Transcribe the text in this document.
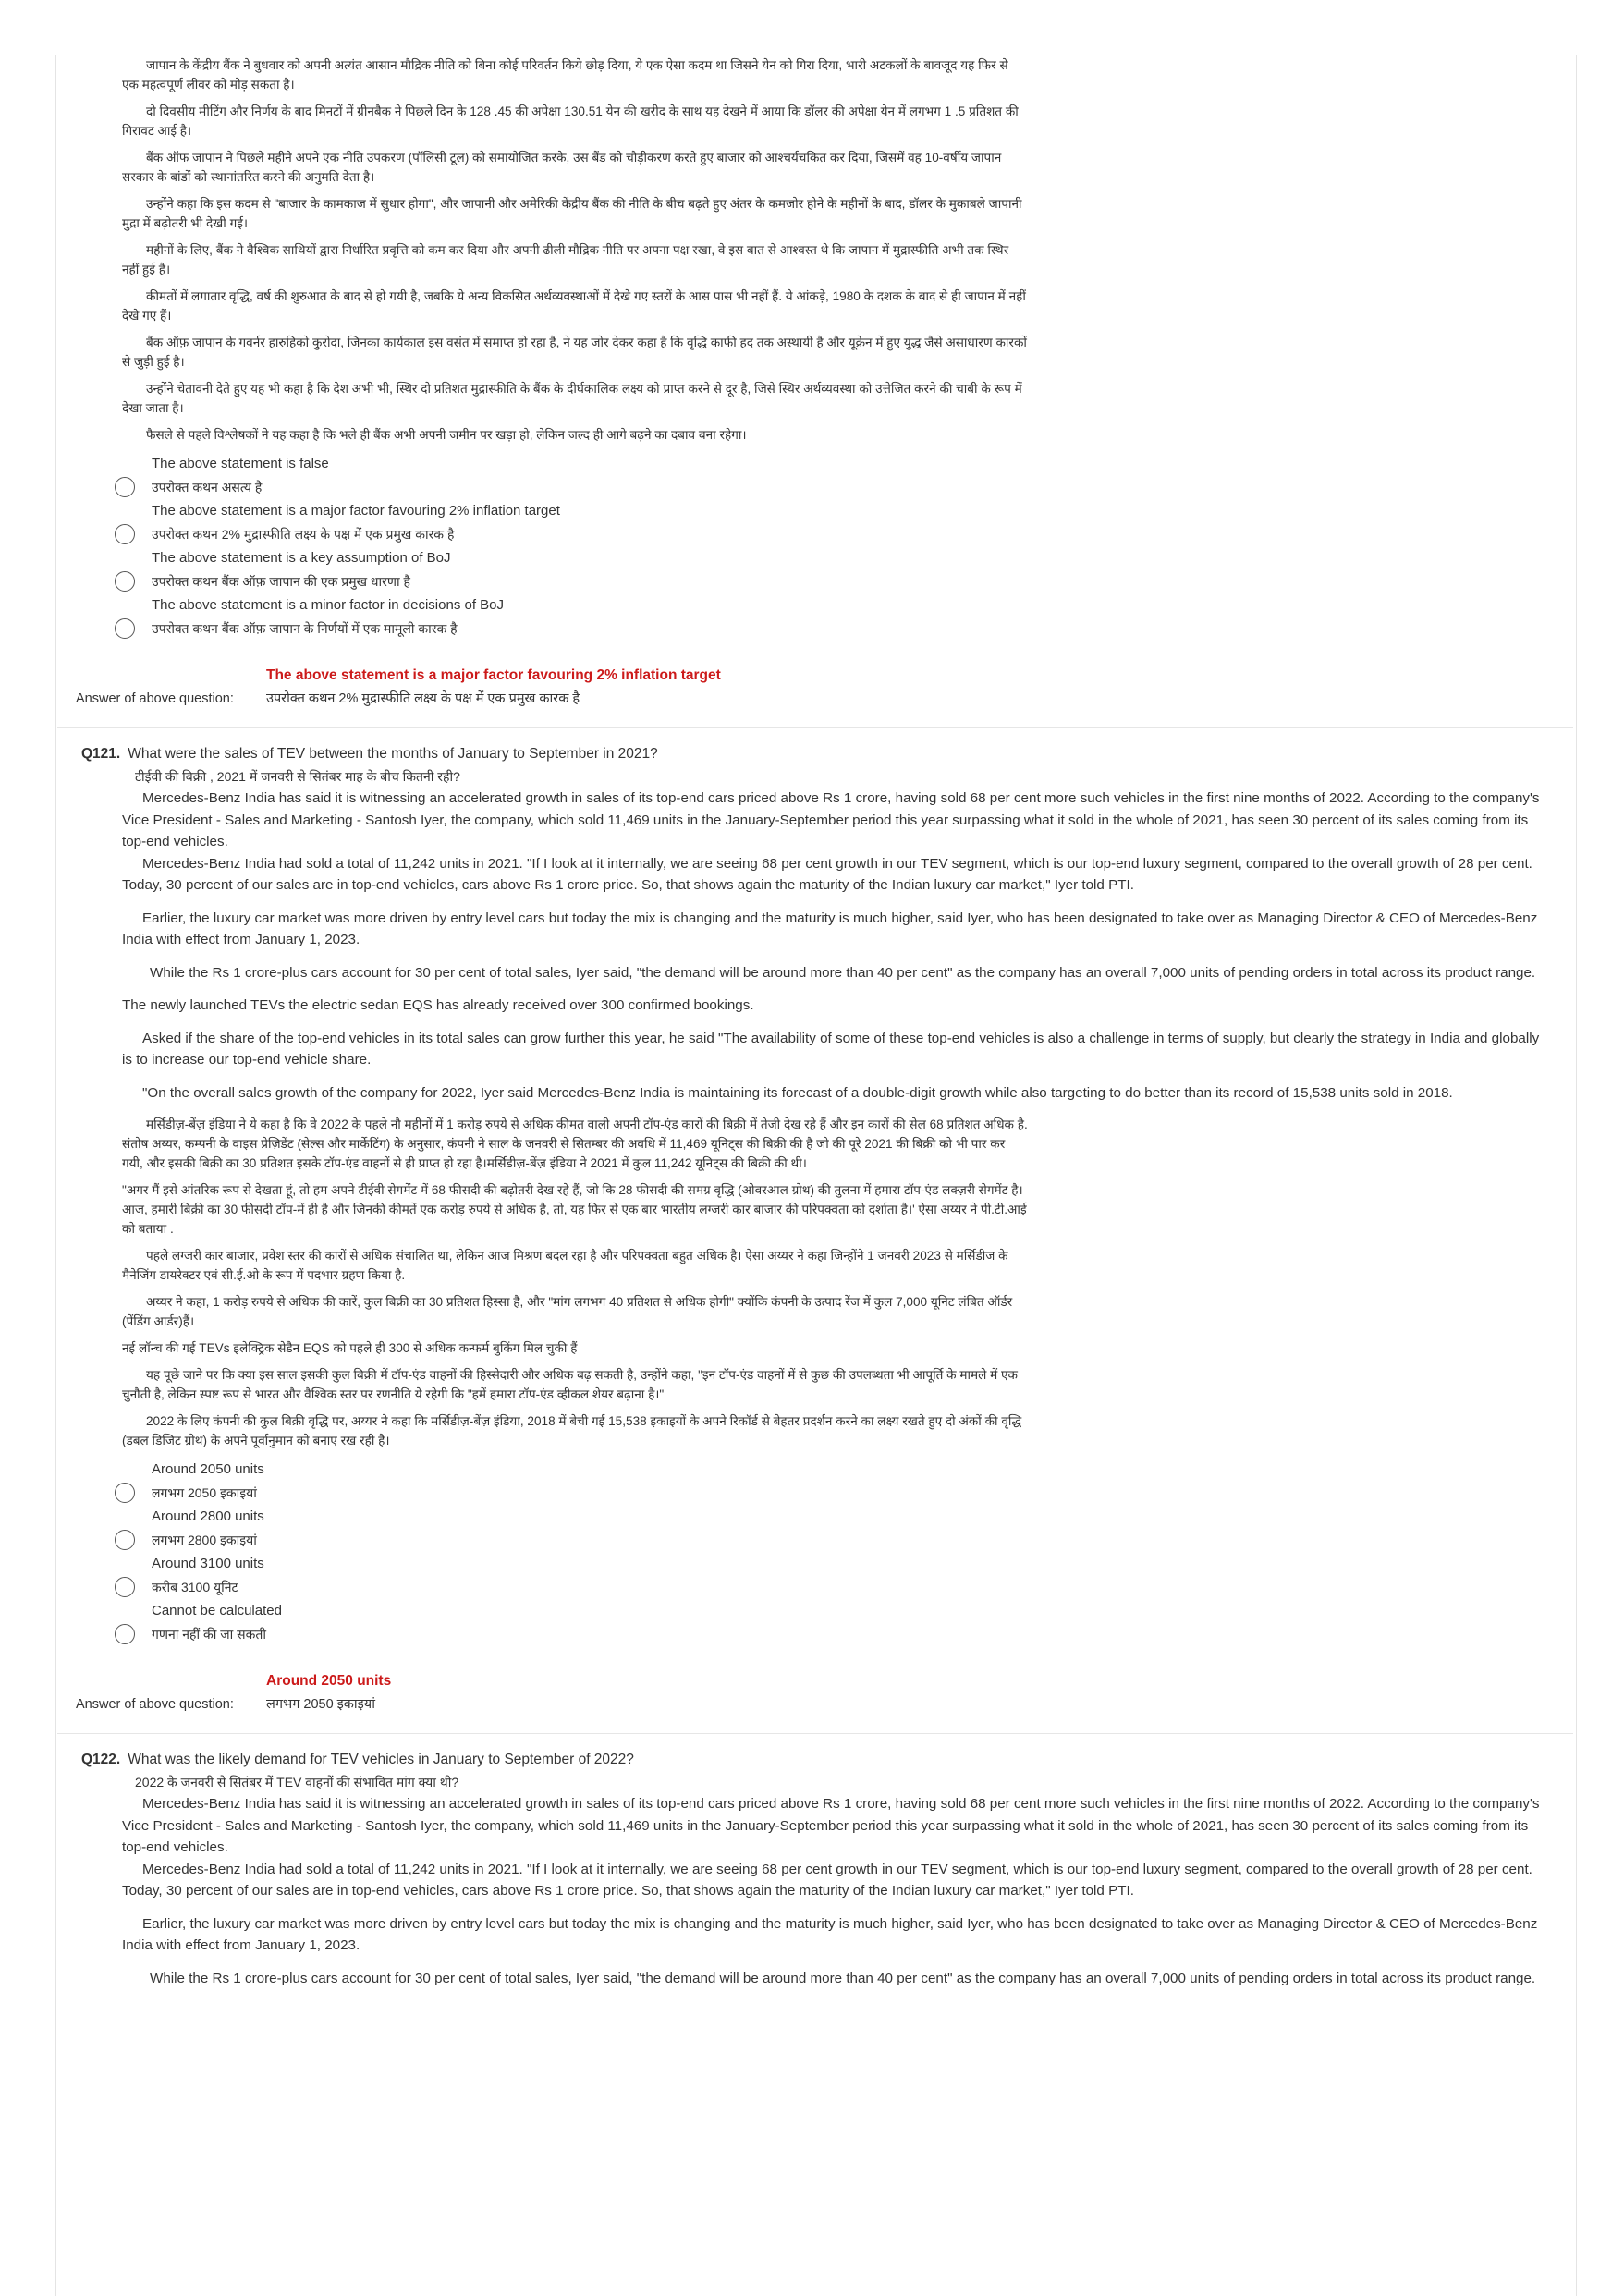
जापान के केंद्रीय बैंक ने बुधवार को अपनी अत्यंत आसान मौद्रिक नीति को बिना कोई परिवर्तन किये छोड़ दिया, ये एक ऐसा कदम था जिसने येन को गिरा दिया, भारी अटकलों के बावजूद यह फिर से एक महत्वपूर्ण लीवर को मोड़ सकता है।

दो दिवसीय मीटिंग और निर्णय के बाद मिनटों में ग्रीनबैक ने पिछले दिन के 128 .45 की अपेक्षा 130.51 येन की खरीद के साथ यह देखने में आया कि डॉलर की अपेक्षा येन में लगभग 1 .5 प्रतिशत की गिरावट आई है।

बैंक ऑफ जापान ने पिछले महीने अपने एक नीति उपकरण (पॉलिसी टूल) को समायोजित करके, उस बैंड को चौड़ीकरण करते हुए बाजार को आश्चर्यचकित कर दिया, जिसमें वह 10-वर्षीय जापान सरकार के बांडों को स्थानांतरित करने की अनुमति देता है।

उन्होंने कहा कि इस कदम से "बाजार के कामकाज में सुधार होगा", और जापानी और अमेरिकी केंद्रीय बैंक की नीति के बीच बढ़ते हुए अंतर के कमजोर होने के महीनों के बाद, डॉलर के मुकाबले जापानी मुद्रा में बढ़ोतरी भी देखी गई।

महीनों के लिए, बैंक ने वैश्विक साथियों द्वारा निर्धारित प्रवृत्ति को कम कर दिया और अपनी ढीली मौद्रिक नीति पर अपना पक्ष रखा, वे इस बात से आश्वस्त थे कि जापान में मुद्रास्फीति अभी तक स्थिर नहीं हुई है।

कीमतों में लगातार वृद्धि, वर्ष की शुरुआत के बाद से हो गयी है, जबकि ये अन्य विकसित अर्थव्यवस्थाओं में देखे गए स्तरों के आस पास भी नहीं हैं. ये आंकड़े, 1980 के दशक के बाद से ही जापान में नहीं देखे गए हैं।

बैंक ऑफ़ जापान के गवर्नर हारुहिको कुरोदा, जिनका कार्यकाल इस वसंत में समाप्त हो रहा है, ने यह जोर देकर कहा है कि वृद्धि काफी हद तक अस्थायी है और यूक्रेन में हुए युद्ध जैसे असाधारण कारकों से जुड़ी हुई है।

उन्होंने चेतावनी देते हुए यह भी कहा है कि देश अभी भी, स्थिर दो प्रतिशत मुद्रास्फीति के बैंक के दीर्घकालिक लक्ष्य को प्राप्त करने से दूर है, जिसे स्थिर अर्थव्यवस्था को उत्तेजित करने की चाबी के रूप में देखा जाता है।

फैसले से पहले विश्लेषकों ने यह कहा है कि भले ही बैंक अभी अपनी जमीन पर खड़ा हो, लेकिन जल्द ही आगे बढ़ने का दबाव बना रहेगा।

The above statement is false
उपरोक्त कथन असत्य है
The above statement is a major factor favouring 2% inflation target
उपरोक्त कथन 2% मुद्रास्फीति लक्ष्य के पक्ष में एक प्रमुख कारक है
The above statement is a key assumption of BoJ
उपरोक्त कथन बैंक ऑफ़ जापान की एक प्रमुख धारणा है
The above statement is a minor factor in decisions of BoJ
उपरोक्त कथन बैंक ऑफ़ जापान के निर्णयों में एक मामूली कारक है
The above statement is a major factor favouring 2% inflation target
Answer of above question:	उपरोक्त कथन 2% मुद्रास्फीति लक्ष्य के पक्ष में एक प्रमुख कारक है
Q121. What were the sales of TEV between the months of January to September in 2021?
टीईवी की बिक्री , 2021 में जनवरी से सितंबर माह के बीच कितनी रही?

Mercedes-Benz India has said it is witnessing an accelerated growth in sales of its top-end cars priced above Rs 1 crore, having sold 68 per cent more such vehicles in the first nine months of 2022. According to the company's Vice President - Sales and Marketing - Santosh Iyer, the company, which sold 11,469 units in the January-September period this year surpassing what it sold in the whole of 2021, has seen 30 percent of its sales coming from its top-end vehicles.

Mercedes-Benz India had sold a total of 11,242 units in 2021. "If I look at it internally, we are seeing 68 per cent growth in our TEV segment, which is our top-end luxury segment, compared to the overall growth of 28 per cent. Today, 30 percent of our sales are in top-end vehicles, cars above Rs 1 crore price. So, that shows again the maturity of the Indian luxury car market," Iyer told PTI.

Earlier, the luxury car market was more driven by entry level cars but today the mix is changing and the maturity is much higher, said Iyer, who has been designated to take over as Managing Director & CEO of Mercedes-Benz India with effect from January 1, 2023.

While the Rs 1 crore-plus cars account for 30 per cent of total sales, Iyer said, "the demand will be around more than 40 per cent" as the company has an overall 7,000 units of pending orders in total across its product range.

The newly launched TEVs the electric sedan EQS has already received over 300 confirmed bookings.

Asked if the share of the top-end vehicles in its total sales can grow further this year, he said "The availability of some of these top-end vehicles is also a challenge in terms of supply, but clearly the strategy in India and globally is to increase our top-end vehicle share.

"On the overall sales growth of the company for 2022, Iyer said Mercedes-Benz India is maintaining its forecast of a double-digit growth while also targeting to do better than its record of 15,538 units sold in 2018.

मर्सिडीज़-बेंज़ इंडिया ने ये कहा है कि वे 2022 के पहले नौ महीनों में 1 करोड़ रुपये से अधिक कीमत वाली अपनी टॉप-एंड कारों की बिक्री में तेजी देख रहे हैं और इन कारों की सेल 68 प्रतिशत अधिक है. संतोष अय्यर, कम्पनी के वाइस प्रेज़िडेंट (सेल्स और मार्केटिंग) के अनुसार, कंपनी ने साल के जनवरी से सितम्बर की अवधि में 11,469 यूनिट्स की बिक्री की है जो की पूरे 2021 की बिक्री को भी पार कर गयी, और इसकी बिक्री का 30 प्रतिशत इसके टॉप-एंड वाहनों से ही प्राप्त हो रहा है।मर्सिडीज़-बेंज़ इंडिया ने 2021 में कुल 11,242 यूनिट्स की बिक्री की थी।

"अगर मैं इसे आंतरिक रूप से देखता हूं, तो हम अपने टीईवी सेगमेंट में 68 फीसदी की बढ़ोतरी देख रहे हैं, जो कि 28 फीसदी की समग्र वृद्धि (ओवरआल ग्रोथ) की तुलना में हमारा टॉप-एंड लक्ज़री सेगमेंट है। आज, हमारी बिक्री का 30 फीसदी टॉप-में ही है और जिनकी कीमतें एक करोड़ रुपये से अधिक है, तो, यह फिर से एक बार भारतीय लग्जरी कार बाजार की परिपक्वता को दर्शाता है।' ऐसा अय्यर ने पी.टी.आई को बताया .

पहले लग्जरी कार बाजार, प्रवेश स्तर की कारों से अधिक संचालित था, लेकिन आज मिश्रण बदल रहा है और परिपक्वता बहुत अधिक है। ऐसा अय्यर ने कहा जिन्होंने 1 जनवरी 2023 से मर्सिडीज के मैनेजिंग डायरेक्टर एवं सी.ई.ओ के रूप में पदभार ग्रहण किया है.

अय्यर ने कहा, 1 करोड़ रुपये से अधिक की कारें, कुल बिक्री का 30 प्रतिशत हिस्सा है, और "मांग लगभग 40 प्रतिशत से अधिक होगी" क्योंकि कंपनी के उत्पाद रेंज में कुल 7,000 यूनिट लंबित ऑर्डर (पेंडिंग आर्डर)हैं।

नई लॉन्च की गई TEVs इलेक्ट्रिक सेडैन EQS को पहले ही 300 से अधिक कन्फर्म बुकिंग मिल चुकी हैं

यह पूछे जाने पर कि क्या इस साल इसकी कुल बिक्री में टॉप-एंड वाहनों की हिस्सेदारी और अधिक बढ़ सकती है, उन्होंने कहा, "इन टॉप-एंड वाहनों में से कुछ की उपलब्धता भी आपूर्ति के मामले में एक चुनौती है, लेकिन स्पष्ट रूप से भारत और वैश्विक स्तर पर रणनीति ये रहेगी कि "हमें हमारा टॉप-एंड व्हीकल शेयर बढ़ाना है।"

2022 के लिए कंपनी की कुल बिक्री वृद्धि पर, अय्यर ने कहा कि मर्सिडीज़-बेंज़ इंडिया, 2018 में बेची गई 15,538 इकाइयों के अपने रिकॉर्ड से बेहतर प्रदर्शन करने का लक्ष्य रखते हुए दो अंकों की वृद्धि (डबल डिजिट ग्रोथ) के अपने पूर्वानुमान को बनाए रख रही है।

Around 2050 units
लगभग 2050 इकाइयां
Around 2800 units
लगभग 2800 इकाइयां
Around 3100 units
करीब 3100 यूनिट
Cannot be calculated
गणना नहीं की जा सकती
Around 2050 units
Answer of above question:	लगभग 2050 इकाइयां
Q122. What was the likely demand for TEV vehicles in January to September of 2022?
2022 के जनवरी से सितंबर में TEV वाहनों की संभावित मांग क्या थी?

Mercedes-Benz India has said it is witnessing an accelerated growth in sales of its top-end cars priced above Rs 1 crore, having sold 68 per cent more such vehicles in the first nine months of 2022. According to the company's Vice President - Sales and Marketing - Santosh Iyer, the company, which sold 11,469 units in the January-September period this year surpassing what it sold in the whole of 2021, has seen 30 percent of its sales coming from its top-end vehicles.

Mercedes-Benz India had sold a total of 11,242 units in 2021. "If I look at it internally, we are seeing 68 per cent growth in our TEV segment, which is our top-end luxury segment, compared to the overall growth of 28 per cent. Today, 30 percent of our sales are in top-end vehicles, cars above Rs 1 crore price. So, that shows again the maturity of the Indian luxury car market," Iyer told PTI.

Earlier, the luxury car market was more driven by entry level cars but today the mix is changing and the maturity is much higher, said Iyer, who has been designated to take over as Managing Director & CEO of Mercedes-Benz India with effect from January 1, 2023.

While the Rs 1 crore-plus cars account for 30 per cent of total sales, Iyer said, "the demand will be around more than 40 per cent" as the company has an overall 7,000 units of pending orders in total across its product range.
